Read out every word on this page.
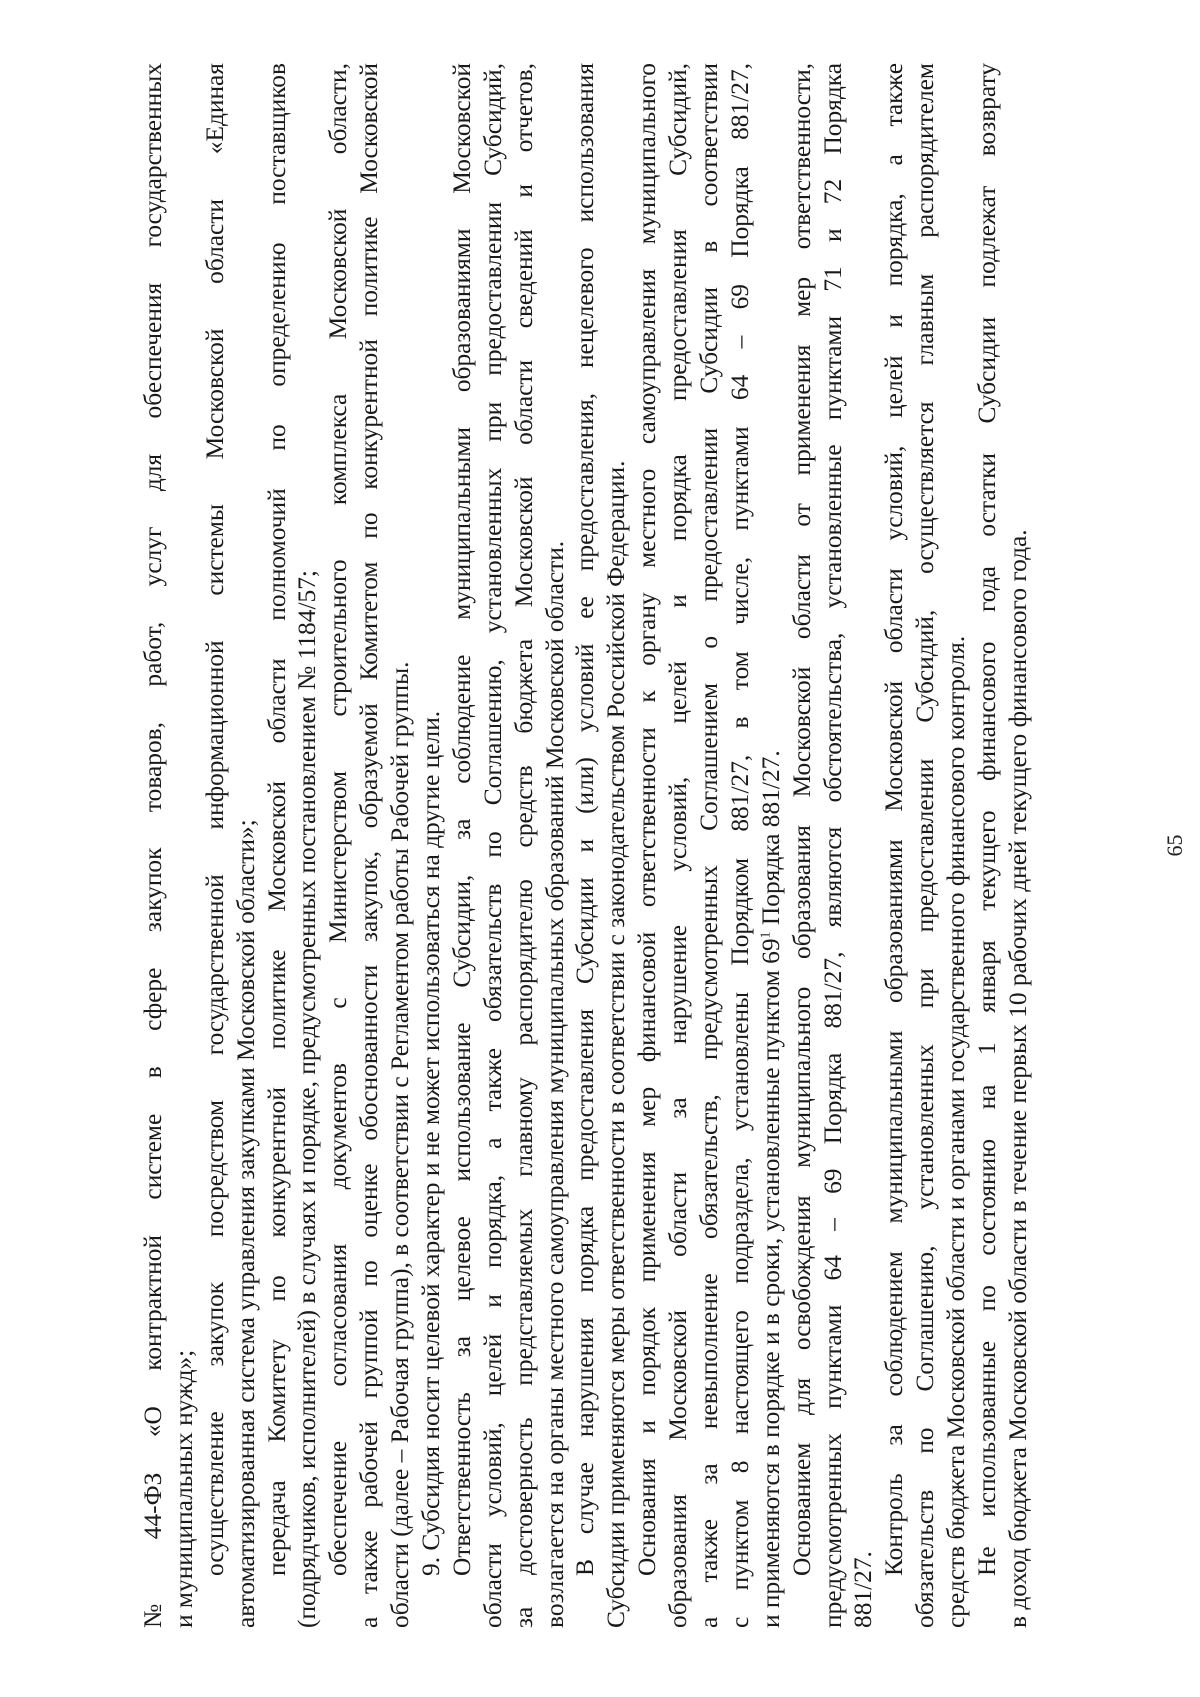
65
№ 44-ФЗ «О контрактной системе в сфере закупок товаров, работ, услуг для обеспечения государственных и муниципальных нужд»; осуществление закупок посредством государственной информационной системы Московской области «Единая автоматизированная система управления закупками Московской области»; передача Комитету по конкурентной политике Московской области полномочий по определению поставщиков (подрядчиков, исполнителей) в случаях и порядке, предусмотренных постановлением № 1184/57; обеспечение согласования документов с Министерством строительного комплекса Московской области, а также рабочей группой по оценке обоснованности закупок, образуемой Комитетом по конкурентной политике Московской области (далее – Рабочая группа), в соответствии с Регламентом работы Рабочей группы. 9. Субсидия носит целевой характер и не может использоваться на другие цели. Ответственность за целевое использование Субсидии, за соблюдение муниципальными образованиями Московской области условий, целей и порядка, а также обязательств по Соглашению, установленных при предоставлении Субсидий, за достоверность представляемых главному распорядителю средств бюджета Московской области сведений и отчетов, возлагается на органы местного самоуправления муниципальных образований Московской области. В случае нарушения порядка предоставления Субсидии и (или) условий ее предоставления, нецелевого использования Субсидии применяются меры ответственности в соответствии с законодательством Российской Федерации. Основания и порядок применения мер финансовой ответственности к органу местного самоуправления муниципального образования Московской области за нарушение условий, целей и порядка предоставления Субсидий, а также за невыполнение обязательств, предусмотренных Соглашением о предоставлении Субсидии в соответствии с пунктом 8 настоящего подраздела, установлены Порядком 881/27, в том числе, пунктами 64 – 69 Порядка 881/27, и применяются в порядке и в сроки, установленные пунктом $69^1$ Порядка 881/27. Основанием для освобождения муниципального образования Московской области от применения мер ответственности, предусмотренных пунктами 64 – 69 Порядка 881/27, являются обстоятельства, установленные пунктами 71 и 72 Порядка 881/27.
Контроль за соблюдением муниципальными образованиями Московской области условий, целей и порядка, а также обязательств по Соглашению, установленных при предоставлении Субсидий, осуществляется главным распорядителем средств бюджета Московской области и органами государственного финансового контроля. Не использованные по состоянию на 1 января текущего финансового года остатки Субсидии подлежат возврату в доход бюджета Московской области в течение первых 10 рабочих дней текущего финансового года.
